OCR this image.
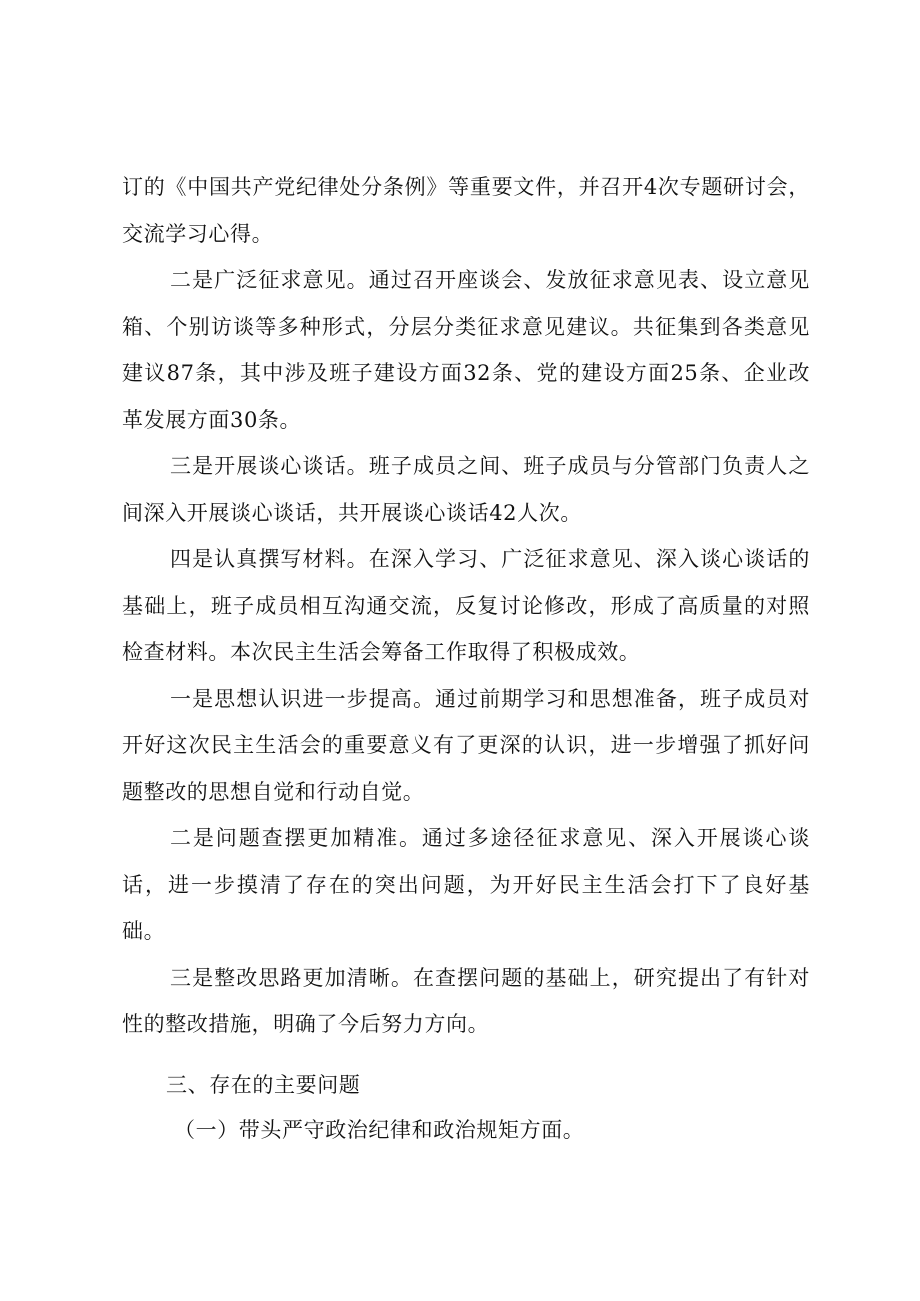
订的《中国共产党纪律处分条例》等重要文件，并召开4次专题研讨会，交流学习心得。

二是广泛征求意见。通过召开座谈会、发放征求意见表、设立意见箱、个别访谈等多种形式，分层分类征求意见建议。共征集到各类意见建议87条，其中涉及班子建设方面32条、党的建设方面25条、企业改革发展方面30条。

三是开展谈心谈话。班子成员之间、班子成员与分管部门负责人之间深入开展谈心谈话，共开展谈心谈话42人次。

四是认真撰写材料。在深入学习、广泛征求意见、深入谈心谈话的基础上，班子成员相互沟通交流，反复讨论修改，形成了高质量的对照检查材料。本次民主生活会筹备工作取得了积极成效。

一是思想认识进一步提高。通过前期学习和思想准备，班子成员对开好这次民主生活会的重要意义有了更深的认识，进一步增强了抓好问题整改的思想自觉和行动自觉。

二是问题查摆更加精准。通过多途径征求意见、深入开展谈心谈话，进一步摸清了存在的突出问题，为开好民主生活会打下了良好基础。

三是整改思路更加清晰。在查摆问题的基础上，研究提出了有针对性的整改措施，明确了今后努力方向。

三、存在的主要问题

（一）带头严守政治纪律和政治规矩方面。
